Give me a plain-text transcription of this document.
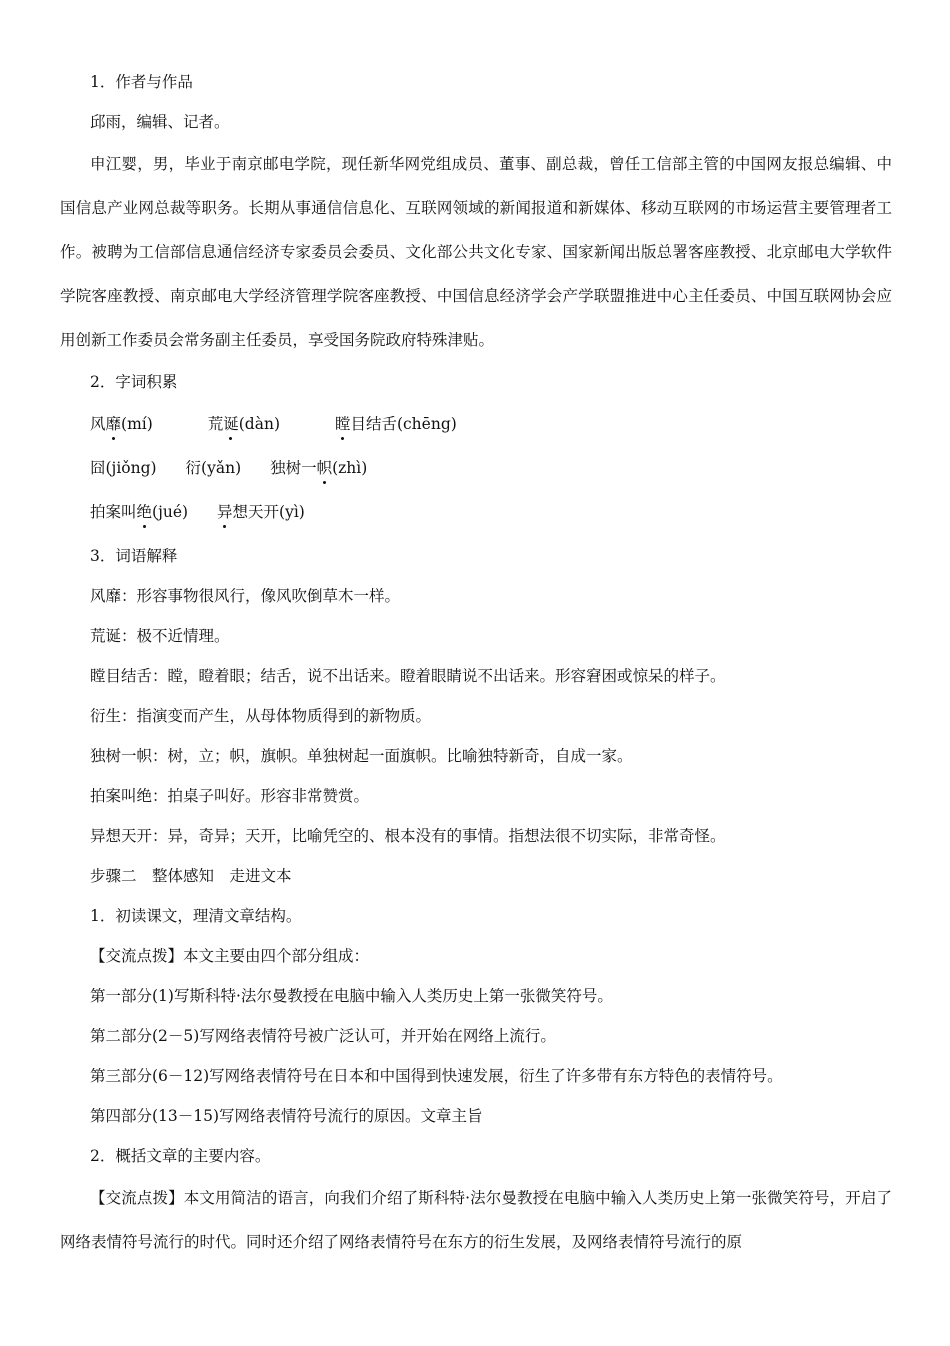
1．作者与作品

邱雨，编辑、记者。

申江婴，男，毕业于南京邮电学院，现任新华网党组成员、董事、副总裁，曾任工信部主管的中国网友报总编辑、中国信息产业网总裁等职务。长期从事通信信息化、互联网领域的新闻报道和新媒体、移动互联网的市场运营主要管理者工作。被聘为工信部信息通信经济专家委员会委员、文化部公共文化专家、国家新闻出版总署客座教授、北京邮电大学软件学院客座教授、南京邮电大学经济管理学院客座教授、中国信息经济学会产学联盟推进中心主任委员、中国互联网协会应用创新工作委员会常务副主任委员，享受国务院政府特殊津贴。

2．字词积累

风靡(mí)	荒诞(dàn)	瞠目结舌(chēng)
囧(jiǒng) 衍(yǎn) 独树一帜(zhì)
拍案叫绝(jué) 异想天开(yì)

3．词语解释

风靡：形容事物很风行，像风吹倒草木一样。

荒诞：极不近情理。

瞠目结舌：瞠，瞪着眼；结舌，说不出话来。瞪着眼睛说不出话来。形容窘困或惊呆的样子。

衍生：指演变而产生，从母体物质得到的新物质。

独树一帜：树，立；帜，旗帜。单独树起一面旗帜。比喻独特新奇，自成一家。

拍案叫绝：拍桌子叫好。形容非常赞赏。

异想天开：异，奇异；天开，比喻凭空的、根本没有的事情。指想法很不切实际，非常奇怪。

步骤二　整体感知　走进文本

1．初读课文，理清文章结构。

【交流点拨】本文主要由四个部分组成：

第一部分(1)写斯科特·法尔曼教授在电脑中输入人类历史上第一张微笑符号。

第二部分(2－5)写网络表情符号被广泛认可，并开始在网络上流行。

第三部分(6－12)写网络表情符号在日本和中国得到快速发展，衍生了许多带有东方特色的表情符号。

第四部分(13－15)写网络表情符号流行的原因。文章主旨

2．概括文章的主要内容。

【交流点拨】本文用简洁的语言，向我们介绍了斯科特·法尔曼教授在电脑中输入人类历史上第一张微笑符号，开启了网络表情符号流行的时代。同时还介绍了网络表情符号在东方的衍生发展，及网络表情符号流行的原
